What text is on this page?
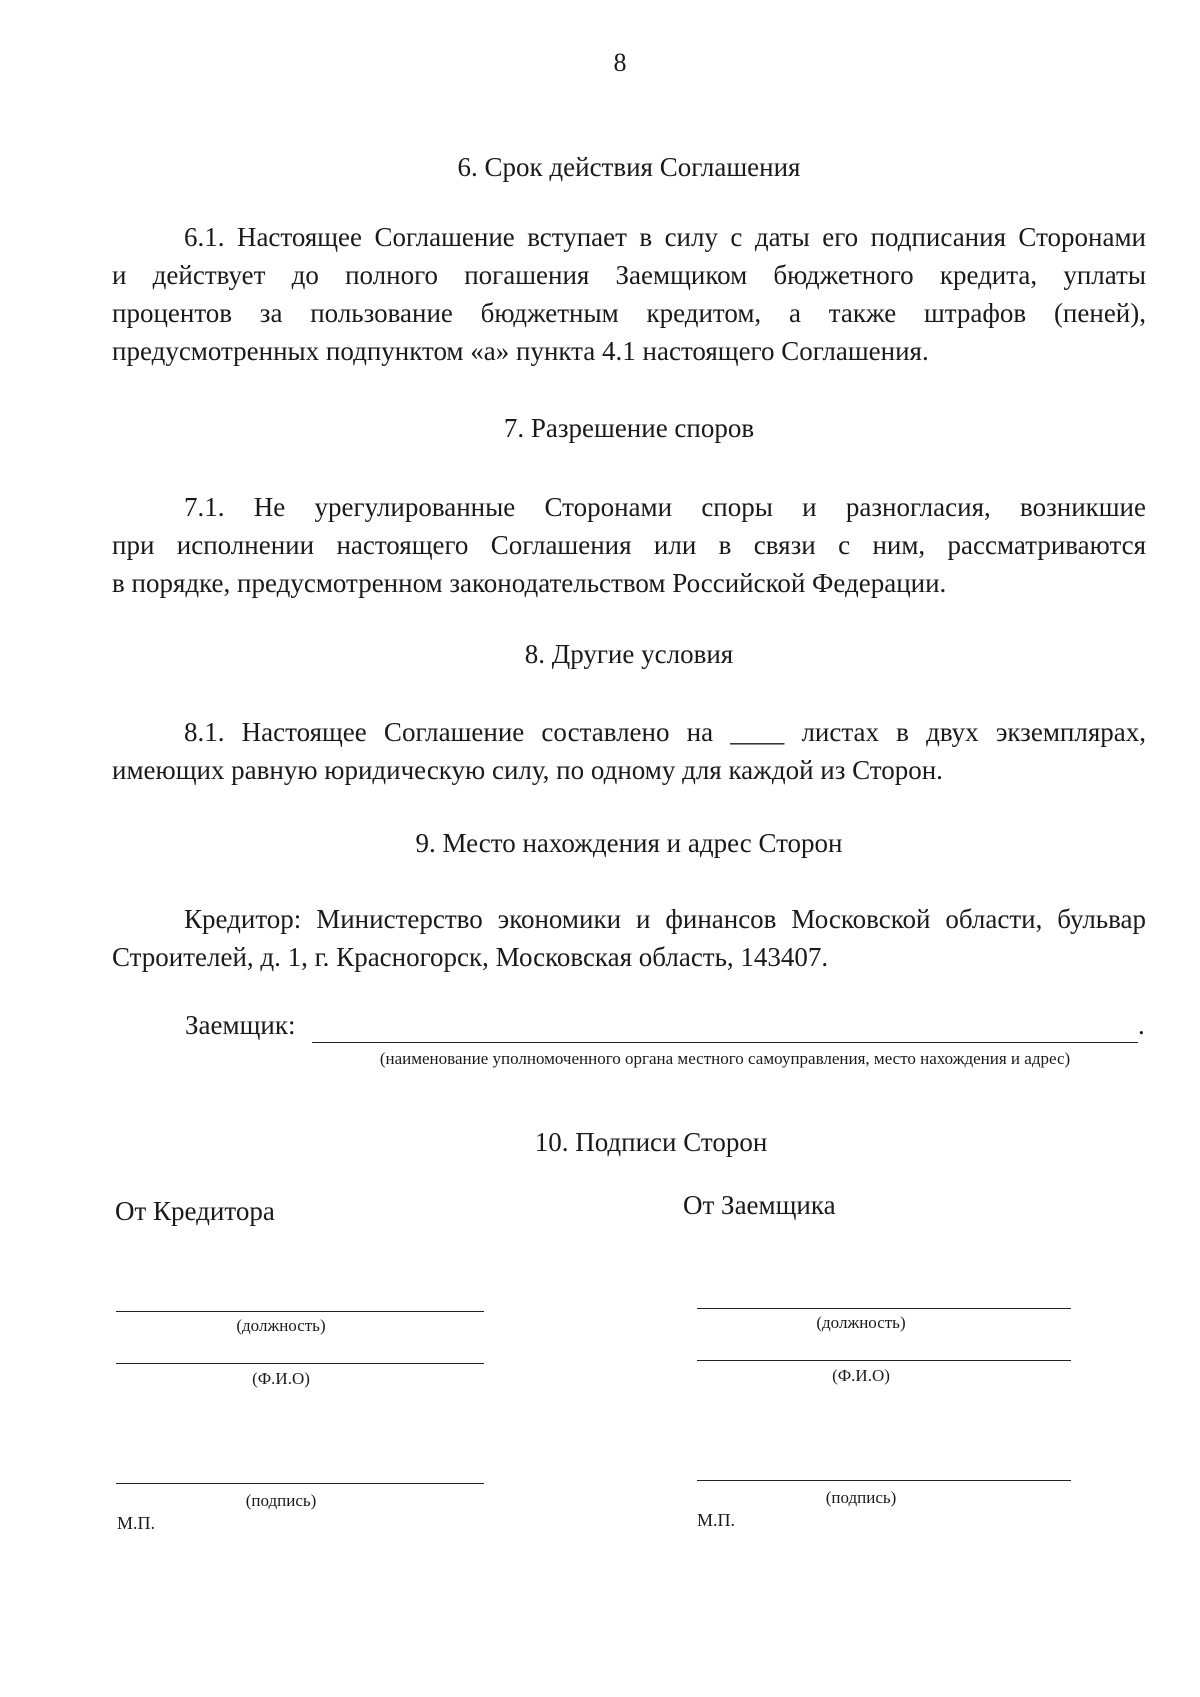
8
6. Срок действия Соглашения

6.1. Настоящее Соглашение вступает в силу с даты его подписания Сторонами
и действует до полного погашения Заемщиком бюджетного кредита, уплаты
процентов за пользование бюджетным кредитом, а также штрафов (пеней),
предусмотренных подпунктом «а» пункта 4.1 настоящего Соглашения.

7. Разрешение споров

7.1. Не урегулированные Сторонами споры и разногласия, возникшие
при исполнении настоящего Соглашения или в связи с ним, рассматриваются
в порядке, предусмотренном законодательством Российской Федерации.

8. Другие условия

8.1. Настоящее Соглашение составлено на ____ листах в двух экземплярах,
имеющих равную юридическую силу, по одному для каждой из Сторон.

9. Место нахождения и адрес Сторон

Кредитор: Министерство экономики и финансов Московской области, бульвар
Строителей, д. 1, г. Красногорск, Московская область, 143407.

Заемщик:	.
(наименование уполномоченного органа местного самоуправления, место нахождения и адрес)
10. Подписи Сторон
От Кредитора
(должность)
(Ф.И.О)
(подпись)
М.П.
От Заемщика
(должность)
(Ф.И.О)
(подпись)
М.П.
